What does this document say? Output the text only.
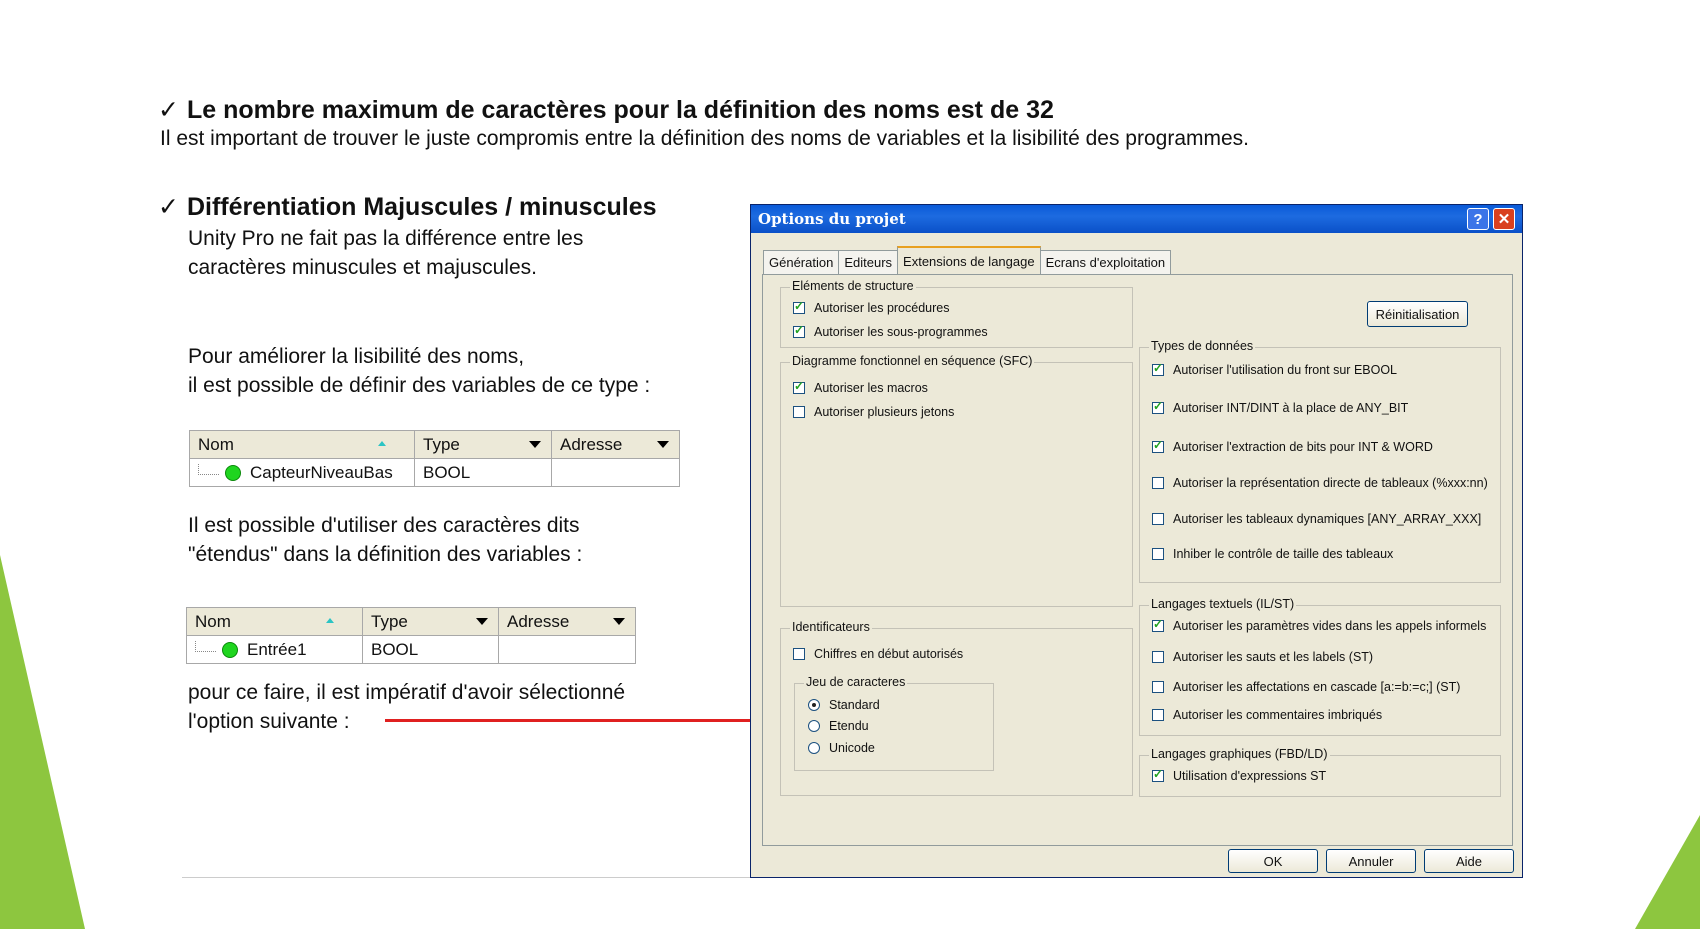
✓ Le nombre maximum de caractères pour la définition des noms est de 32
Il est important de trouver le juste compromis entre la définition des noms de variables et la lisibilité des programmes.
✓ Différentiation Majuscules / minuscules
Unity Pro ne fait pas la différence entre les
caractères minuscules et majuscules.
Pour améliorer la lisibilité des noms,
il est possible de définir des variables de ce type :
Nom	Type	Adresse
CapteurNiveauBas	BOOL
Il est possible d'utiliser des caractères dits
"étendus" dans la définition des variables :
Nom	Type	Adresse
Entrée1	BOOL
pour ce faire, il est impératif d'avoir sélectionné
l'option suivante :
Options du projet	?	✕
Génération Editeurs Extensions de langage Ecrans d'exploitation
Eléments de structure
✓
Autoriser les procédures
✓
Autoriser les sous-programmes
Diagramme fonctionnel en séquence (SFC)
✓
Autoriser les macros
Autoriser plusieurs jetons
Identificateurs
Chiffres en début autorisés
Jeu de caracteres
Standard
Etendu
Unicode
Réinitialisation
Types de données
✓
Autoriser l'utilisation du front sur EBOOL
✓
Autoriser INT/DINT à la place de ANY_BIT
✓
Autoriser l'extraction de bits pour INT & WORD
Autoriser la représentation directe de tableaux (%xxx:nn)
Autoriser les tableaux dynamiques [ANY_ARRAY_XXX]
Inhiber le contrôle de taille des tableaux
Langages textuels (IL/ST)
✓
Autoriser les paramètres vides dans les appels informels
Autoriser les sauts et les labels (ST)
Autoriser les affectations en cascade [a:=b:=c;] (ST)
Autoriser les commentaires imbriqués
Langages graphiques (FBD/LD)
✓
Utilisation d'expressions ST
OK	Annuler	Aide
